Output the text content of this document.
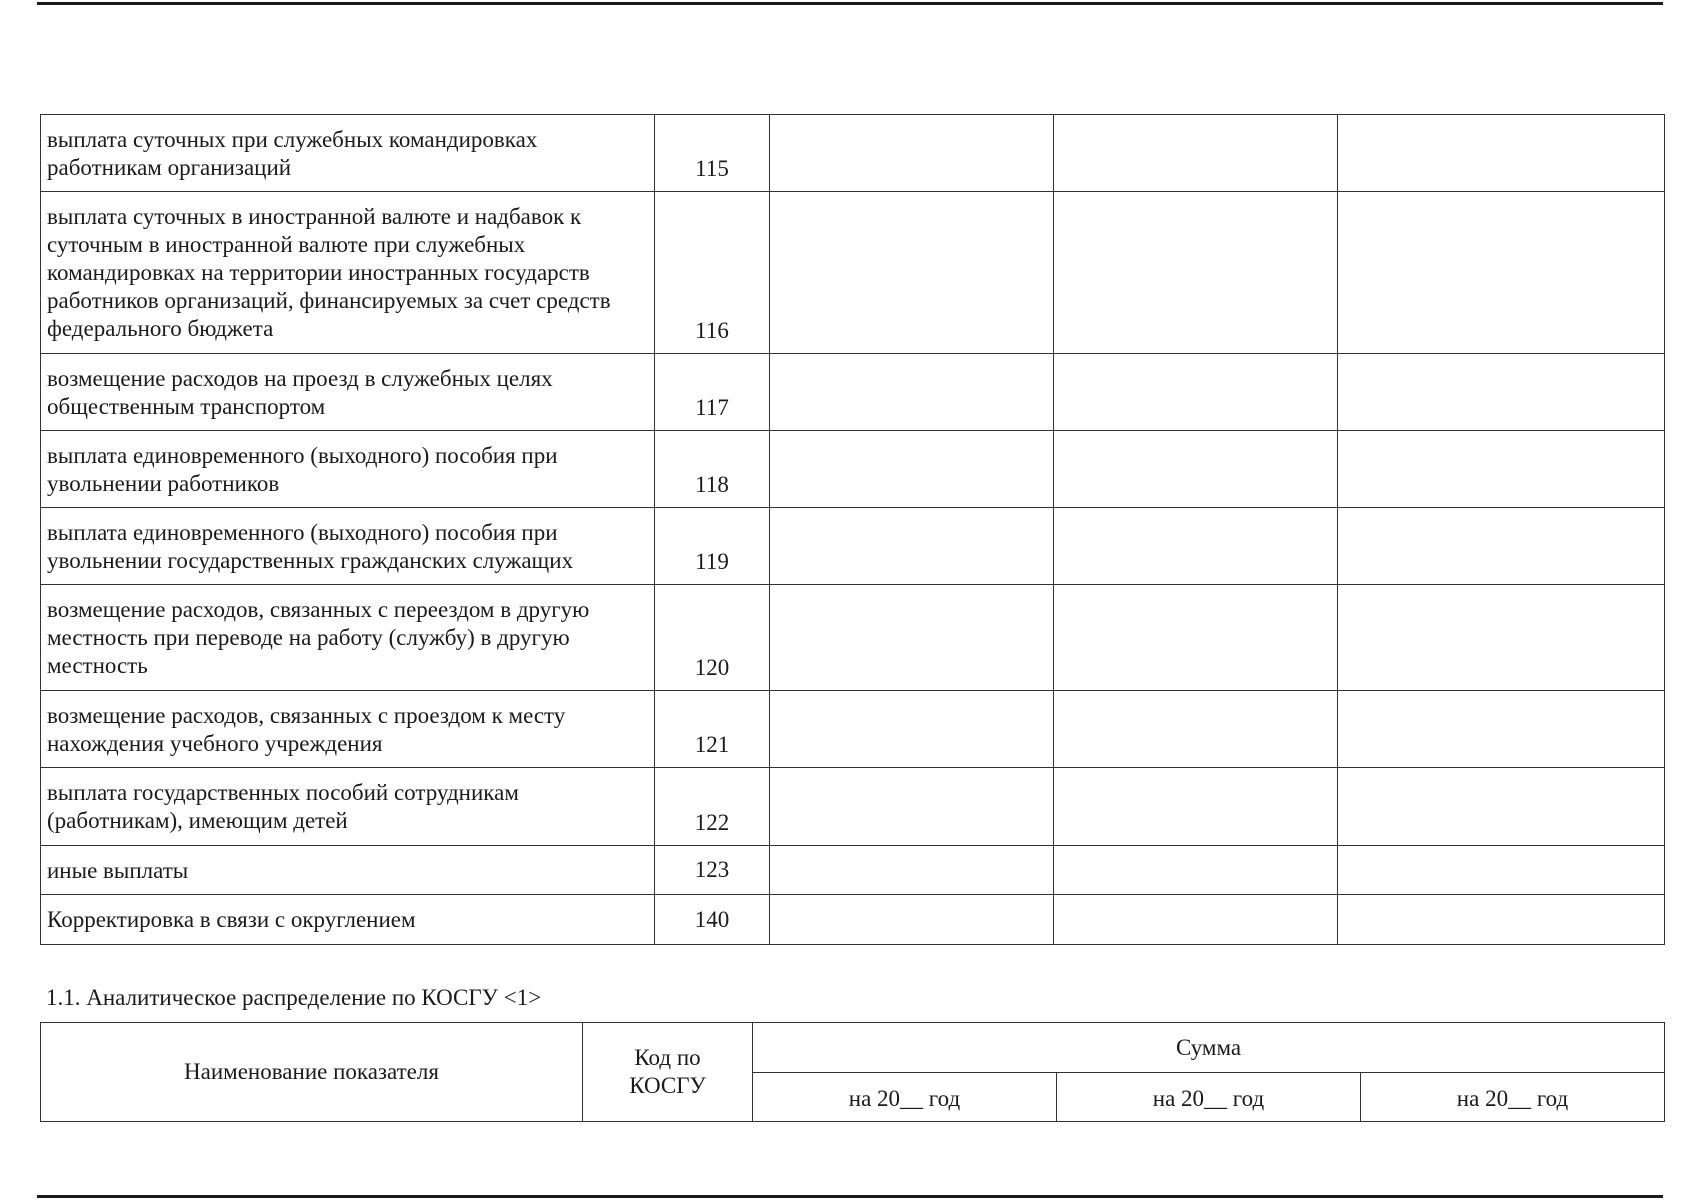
выплата суточных при служебных командировках работникам организаций	115			
выплата суточных в иностранной валюте и надбавок к суточным в иностранной валюте при служебных командировках на территории иностранных государств работников организаций, финансируемых за счет средств федерального бюджета	116			
возмещение расходов на проезд в служебных целях общественным транспортом	117			
выплата единовременного (выходного) пособия при увольнении работников	118			
выплата единовременного (выходного) пособия при увольнении государственных гражданских служащих	119			
возмещение расходов, связанных с переездом в другую местность при переводе на работу (службу) в другую местность	120			
возмещение расходов, связанных с проездом к месту нахождения учебного учреждения	121			
выплата государственных пособий сотрудникам (работникам), имеющим детей	122			
иные выплаты	123			
Корректировка в связи с округлением	140			
1.1. Аналитическое распределение по КОСГУ <1>
Наименование показателя	Код по КОСГУ	Сумма		
		на 20__ год	на 20__ год	на 20__ год
